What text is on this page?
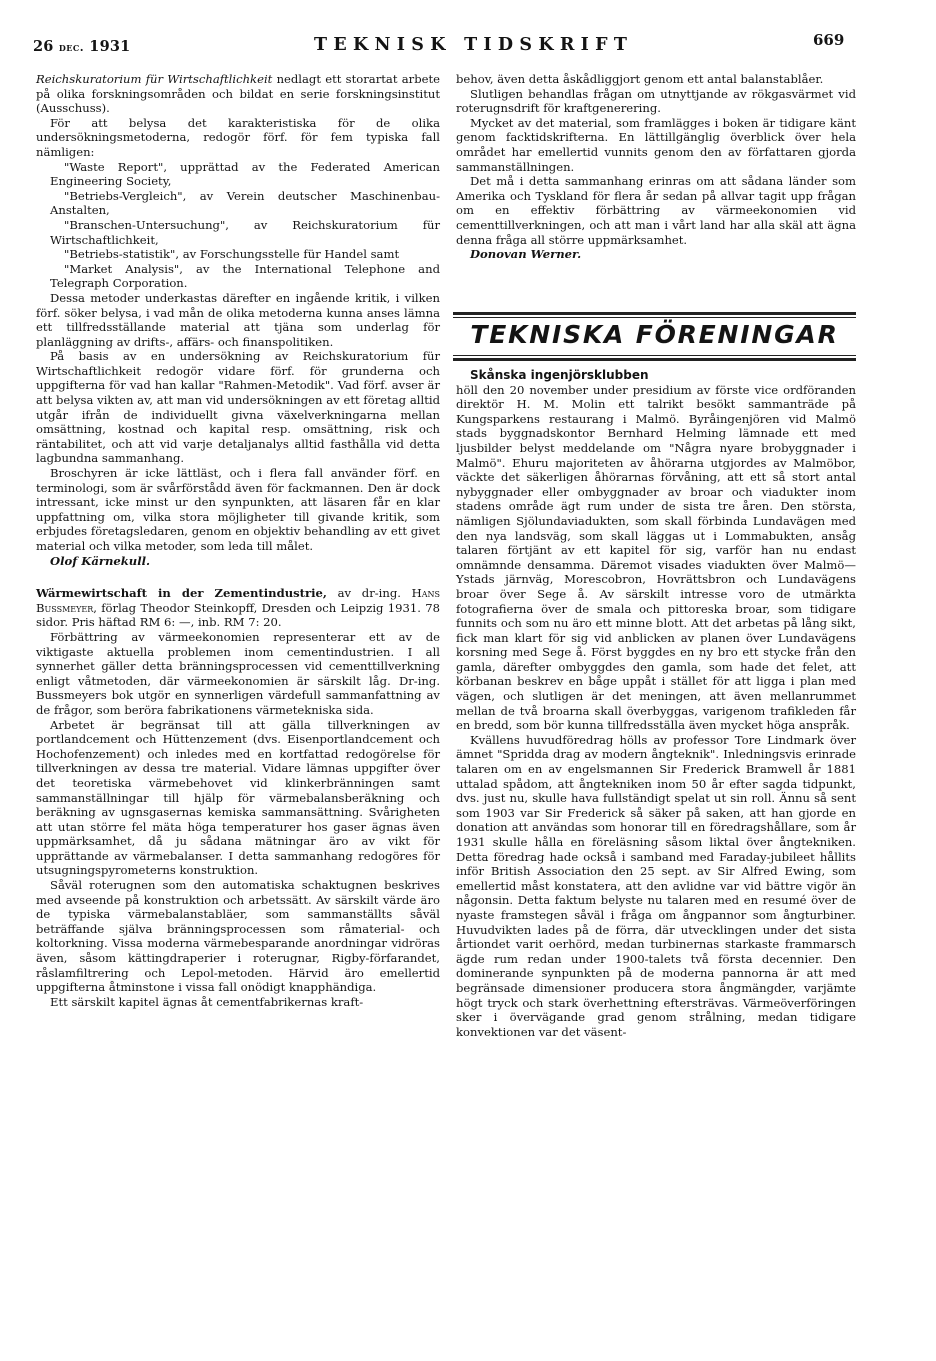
26 dec. 1931	TEKNISK TIDSKRIFT	669

Reichskuratorium für Wirtschaftlichkeit nedlagt ett storartat arbete på olika forskningsområden och bildat en serie forskningsinstitut (Ausschuss).

För att belysa det karakteristiska för de olika undersökningsmetoderna, redogör förf. för fem typiska fall nämligen:

"Waste Report", upprättad av the Federated American Engineering Society,

"Betriebs-Vergleich", av Verein deutscher Maschinenbau-Anstalten,

"Branschen-Untersuchung", av Reichskuratorium für Wirtschaftlichkeit,

"Betriebs-statistik", av Forschungsstelle für Handel samt

"Market Analysis", av the International Telephone and Telegraph Corporation.

Dessa metoder underkastas därefter en ingående kritik, i vilken förf. söker belysa, i vad mån de olika metoderna kunna anses lämna ett tillfredsställande material att tjäna som underlag för planläggning av drifts-, affärs- och finanspolitiken.

På basis av en undersökning av Reichskuratorium für Wirtschaftlichkeit redogör vidare förf. för grunderna och uppgifterna för vad han kallar "Rahmen-Metodik". Vad förf. avser är att belysa vikten av, att man vid undersökningen av ett företag alltid utgår ifrån de individuellt givna växelverkningarna mellan omsättning, kostnad och kapital resp. omsättning, risk och räntabilitet, och att vid varje detaljanalys alltid fasthålla vid detta lagbundna sammanhang.

Broschyren är icke lättläst, och i flera fall använder förf. en terminologi, som är svårförstådd även för fackmannen. Den är dock intressant, icke minst ur den synpunkten, att läsaren får en klar uppfattning om, vilka stora möjligheter till givande kritik, som erbjudes företagsledaren, genom en objektiv behandling av ett givet material och vilka metoder, som leda till målet.

Olof Kärnekull.

Wärmewirtschaft in der Zementindustrie, av dr-ing. Hans Bussmeyer, förlag Theodor Steinkopff, Dresden och Leipzig 1931. 78 sidor. Pris häftad RM 6: —, inb. RM 7: 20.

Förbättring av värmeekonomien representerar ett av de viktigaste aktuella problemen inom cementindustrien. I all synnerhet gäller detta bränningsprocessen vid cementtillverkning enligt våtmetoden, där värmeekonomien är särskilt låg. Dr-ing. Bussmeyers bok utgör en synnerligen värdefull sammanfattning av de frågor, som beröra fabrikationens värmetekniska sida.

Arbetet är begränsat till att gälla tillverkningen av portlandcement och Hüttenzement (dvs. Eisenportlandcement och Hochofenzement) och inledes med en kortfattad redogörelse för tillverkningen av dessa tre material. Vidare lämnas uppgifter över det teoretiska värmebehovet vid klinkerbränningen samt sammanställningar till hjälp för värmebalansberäkning och beräkning av ugnsgasernas kemiska sammansättning. Svårigheten att utan större fel mäta höga temperaturer hos gaser ägnas även uppmärksamhet, då ju sådana mätningar äro av vikt för upprättande av värmebalanser. I detta sammanhang redogöres för utsugningspyrometerns konstruktion.

Såväl roterugnen som den automatiska schaktugnen beskrives med avseende på konstruktion och arbetssätt. Av särskilt värde äro de typiska värmebalanstabläer, som sammanställts såväl beträffande själva bränningsprocessen som råmaterial- och koltorkning. Vissa moderna värmebesparande anordningar vidröras även, såsom kättingdraperier i roterugnar, Rigby-förfarandet, råslamfiltrering och Lepol-metoden. Härvid äro emellertid uppgifterna åtminstone i vissa fall onödigt knapphändiga.

Ett särskilt kapitel ägnas åt cementfabrikernas kraft-

behov, även detta åskådliggjort genom ett antal balanstablåer.

Slutligen behandlas frågan om utnyttjande av rökgasvärmet vid roterugnsdrift för kraftgenerering.

Mycket av det material, som framlägges i boken är tidigare känt genom facktidskrifterna. En lättillgänglig överblick över hela området har emellertid vunnits genom den av författaren gjorda sammanställningen.

Det må i detta sammanhang erinras om att sådana länder som Amerika och Tyskland för flera år sedan på allvar tagit upp frågan om en effektiv förbättring av värmeekonomien vid cementtillverkningen, och att man i vårt land har alla skäl att ägna denna fråga all större uppmärksamhet.

Donovan Werner.

TEKNISKA FÖRENINGAR

Skånska ingenjörsklubben

höll den 20 november under presidium av förste vice ordföranden direktör H. M. Molin ett talrikt besökt sammanträde på Kungsparkens restaurang i Malmö. Byråingenjören vid Malmö stads byggnadskontor Bernhard Helming lämnade ett med ljusbilder belyst meddelande om "Några nyare brobyggnader i Malmö". Ehuru majoriteten av åhörarna utgjordes av Malmöbor, väckte det säkerligen åhörarnas förvåning, att ett så stort antal nybyggnader eller ombyggnader av broar och viadukter inom stadens område ägt rum under de sista tre åren. Den största, nämligen Sjölundaviadukten, som skall förbinda Lundavägen med den nya landsväg, som skall läggas ut i Lommabukten, ansåg talaren förtjänt av ett kapitel för sig, varför han nu endast omnämnde densamma. Däremot visades viadukten över Malmö—Ystads järnväg, Morescobron, Hovrättsbron och Lundavägens broar över Sege å. Av särskilt intresse voro de utmärkta fotografierna över de smala och pittoreska broar, som tidigare funnits och som nu äro ett minne blott. Att det arbetas på lång sikt, fick man klart för sig vid anblicken av planen över Lundavägens korsning med Sege å. Först byggdes en ny bro ett stycke från den gamla, därefter ombyggdes den gamla, som hade det felet, att körbanan beskrev en båge uppåt i stället för att ligga i plan med vägen, och slutligen är det meningen, att även mellanrummet mellan de två broarna skall överbyggas, varigenom trafikleden får en bredd, som bör kunna tillfredsställa även mycket höga anspråk.

Kvällens huvudföredrag hölls av professor Tore Lindmark över ämnet "Spridda drag av modern ångteknik". Inledningsvis erinrade talaren om en av engelsmannen Sir Frederick Bramwell år 1881 uttalad spådom, att ångtekniken inom 50 år efter sagda tidpunkt, dvs. just nu, skulle hava fullständigt spelat ut sin roll. Ännu så sent som 1903 var Sir Frederick så säker på saken, att han gjorde en donation att användas som honorar till en föredragshållare, som år 1931 skulle hålla en föreläsning såsom liktal över ångtekniken. Detta föredrag hade också i samband med Faraday-jubileet hållits inför British Association den 25 sept. av Sir Alfred Ewing, som emellertid måst konstatera, att den avlidne var vid bättre vigör än någonsin. Detta faktum belyste nu talaren med en resumé över de nyaste framstegen såväl i fråga om ångpannor som ångturbiner. Huvudvikten lades på de förra, där utvecklingen under det sista årtiondet varit oerhörd, medan turbinernas starkaste frammarsch ägde rum redan under 1900-talets två första decennier. Den dominerande synpunkten på de moderna pannorna är att med begränsade dimensioner producera stora ångmängder, varjämte högt tryck och stark överhettning eftersträvas. Värmeöverföringen sker i övervägande grad genom strålning, medan tidigare konvektionen var det väsent-
